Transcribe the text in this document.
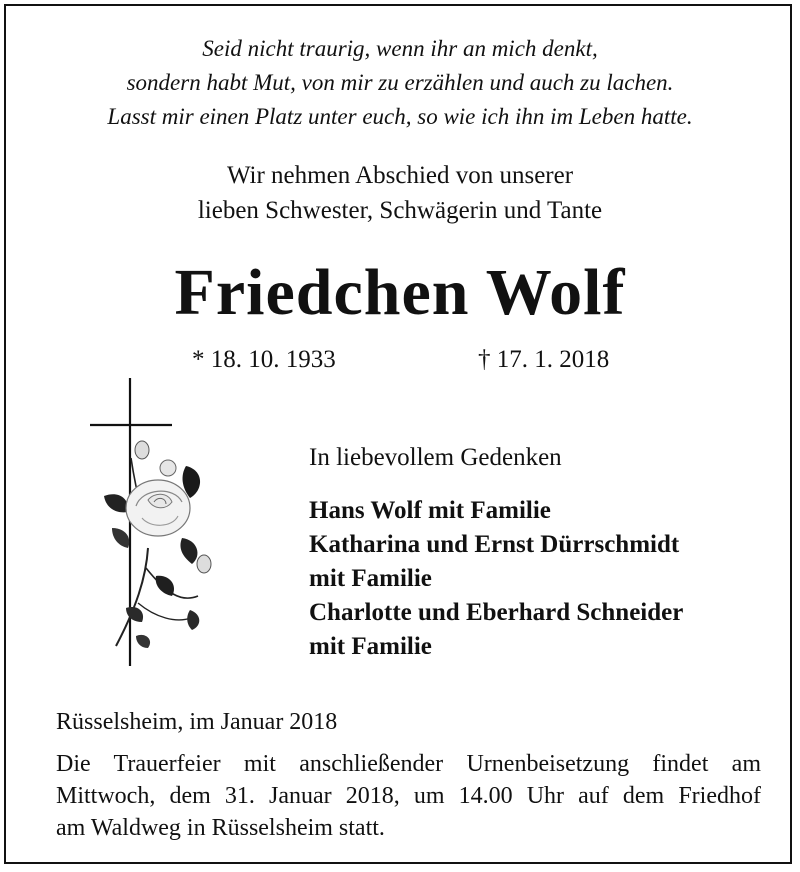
Seid nicht traurig, wenn ihr an mich denkt,
sondern habt Mut, von mir zu erzählen und auch zu lachen.
Lasst mir einen Platz unter euch, so wie ich ihn im Leben hatte.
Wir nehmen Abschied von unserer
lieben Schwester, Schwägerin und Tante
Friedchen Wolf
* 18. 10. 1933	† 17. 1. 2018
In liebevollem Gedenken
Hans Wolf mit Familie
Katharina und Ernst Dürrschmidt
mit Familie
Charlotte und Eberhard Schneider
mit Familie
Rüsselsheim, im Januar 2018
Die Trauerfeier mit anschließender Urnenbeisetzung findet am
Mittwoch, dem 31. Januar 2018, um 14.00 Uhr auf dem Friedhof
am Waldweg in Rüsselsheim statt.
